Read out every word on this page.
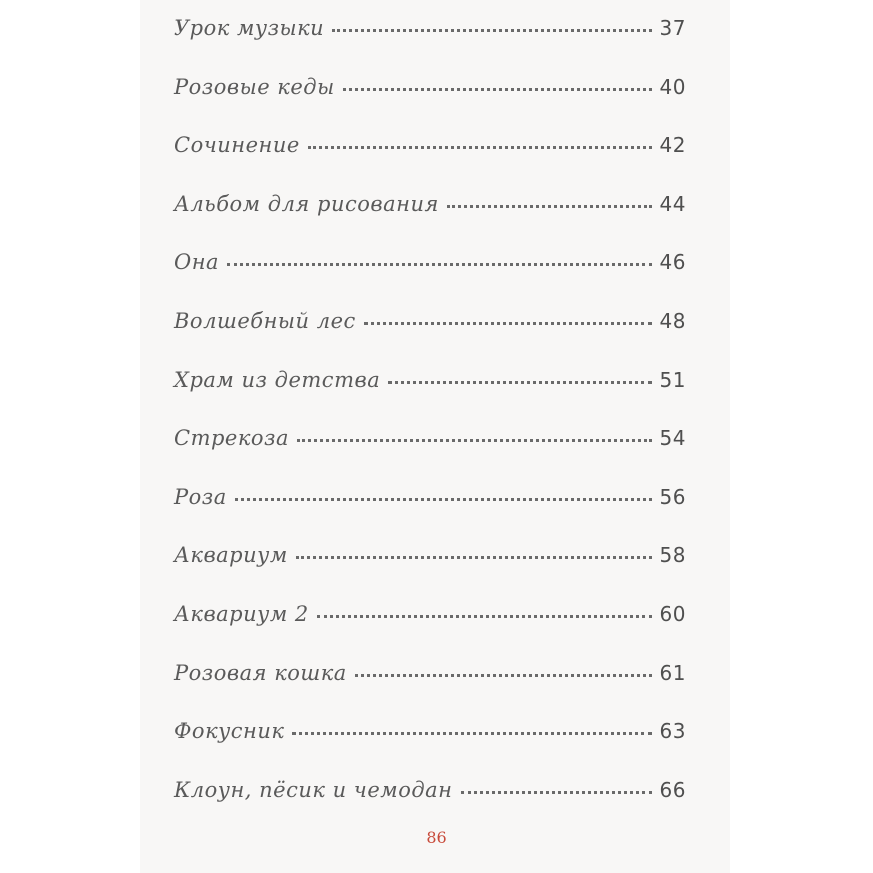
Урок музыки	37
Розовые кеды	40
Сочинение	42
Альбом для рисования	44
Она	46
Волшебный лес	48
Храм из детства	51
Стрекоза	54
Роза	56
Аквариум	58
Аквариум 2	60
Розовая кошка	61
Фокусник	63
Клоун, пёсик и чемодан	66
86
